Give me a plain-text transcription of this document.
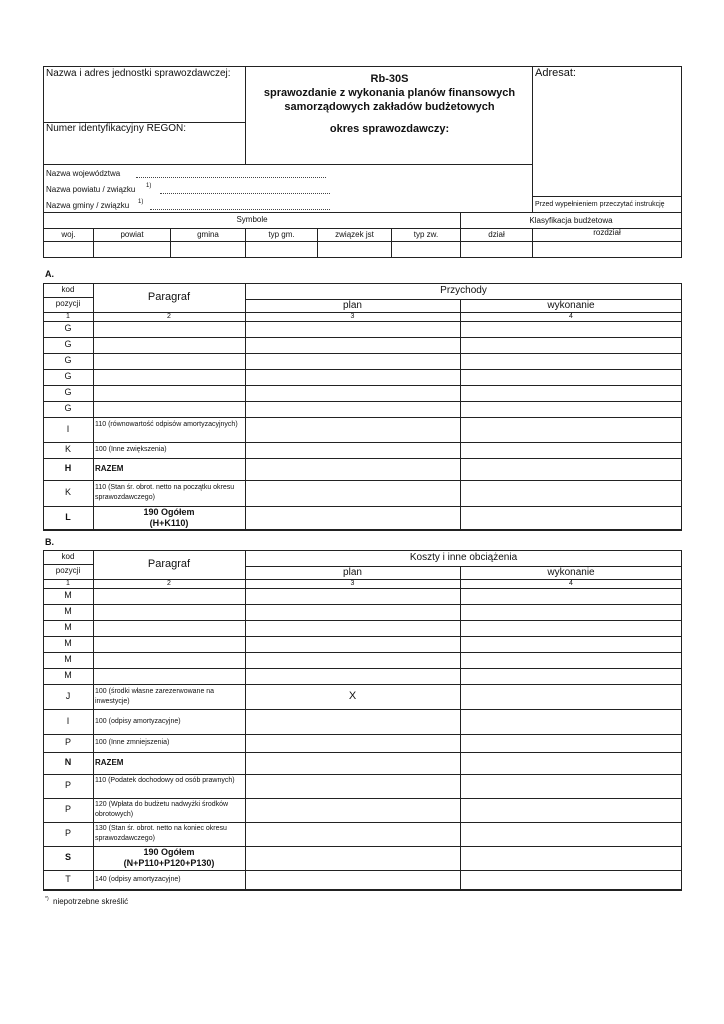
Nazwa i adres jednostki sprawozdawczej:
Numer identyfikacyjny REGON:
Rb-30S
sprawozdanie z wykonania planów finansowych
samorządowych zakładów budżetowych
okres sprawozdawczy:
Adresat:
Nazwa województwa
Nazwa powiatu / związku 1)
Nazwa gminy / związku 1)	Przed wypełnieniem przeczytać instrukcję
Symbole	Klasyfikacja budżetowa
woj.	powiat	gmina	typ gm.	związek jst	typ zw.	dział	rozdział
A.
kod
pozycji
Paragraf
Przychody
plan	wykonanie
1	2	3	4
G
G
G
G
G
G
I	110 (równowartość odpisów amortyzacyjnych)
K	100 (Inne zwiększenia)
H	RAZEM
K	110 (Stan śr. obrot. netto na początku okresu sprawozdawczego)
L	190 Ogółem
(H+K110)
B.
kod
pozycji
Paragraf
Koszty i inne obciążenia
plan	wykonanie
1	2	3	4
M
M
M
M
M
M
J	100 (środki własne zarezerwowane na inwestycje)	X
I	100 (odpisy amortyzacyjne)
P	100 (Inne zmniejszenia)
N	RAZEM
P	110 (Podatek dochodowy od osób prawnych)
P	120 (Wpłata do budżetu nadwyżki środków obrotowych)
P	130 (Stan śr. obrot. netto na koniec okresu sprawozdawczego)
S	190 Ogółem
(N+P110+P120+P130)
T	140 (odpisy amortyzacyjne)
*) niepotrzebne skreślić
